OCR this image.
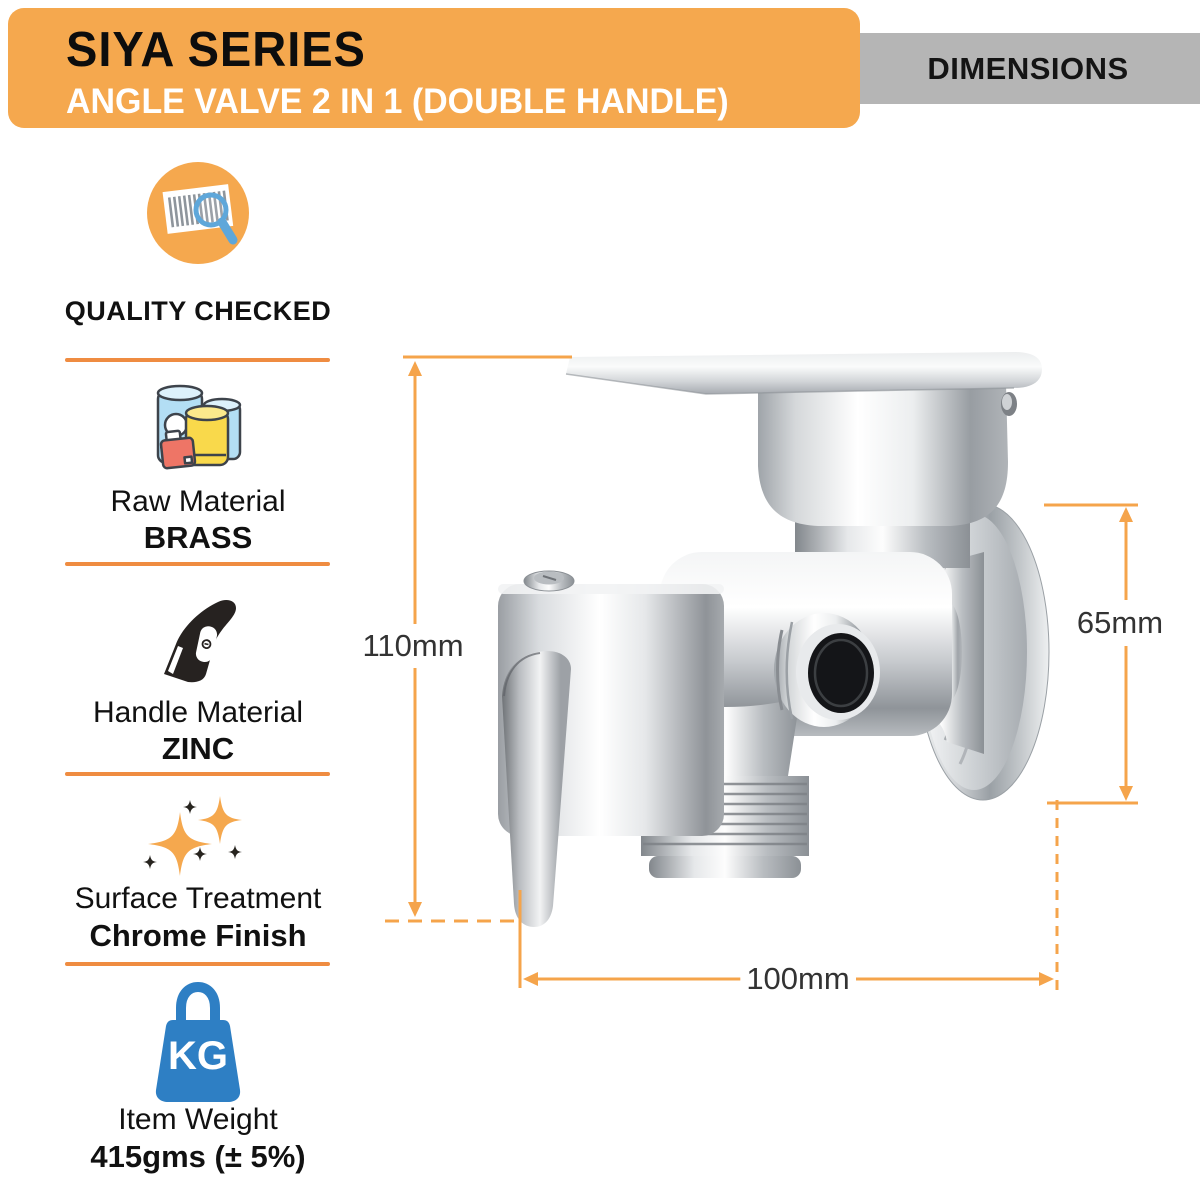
SIYA SERIES
ANGLE VALVE 2 IN 1 (DOUBLE HANDLE)
DIMENSIONS
QUALITY CHECKED
Raw Material
BRASS
Handle Material
ZINC
Surface Treatment
Chrome Finish
KG
Item Weight
415gms (± 5%)
110mm
65mm
100mm
